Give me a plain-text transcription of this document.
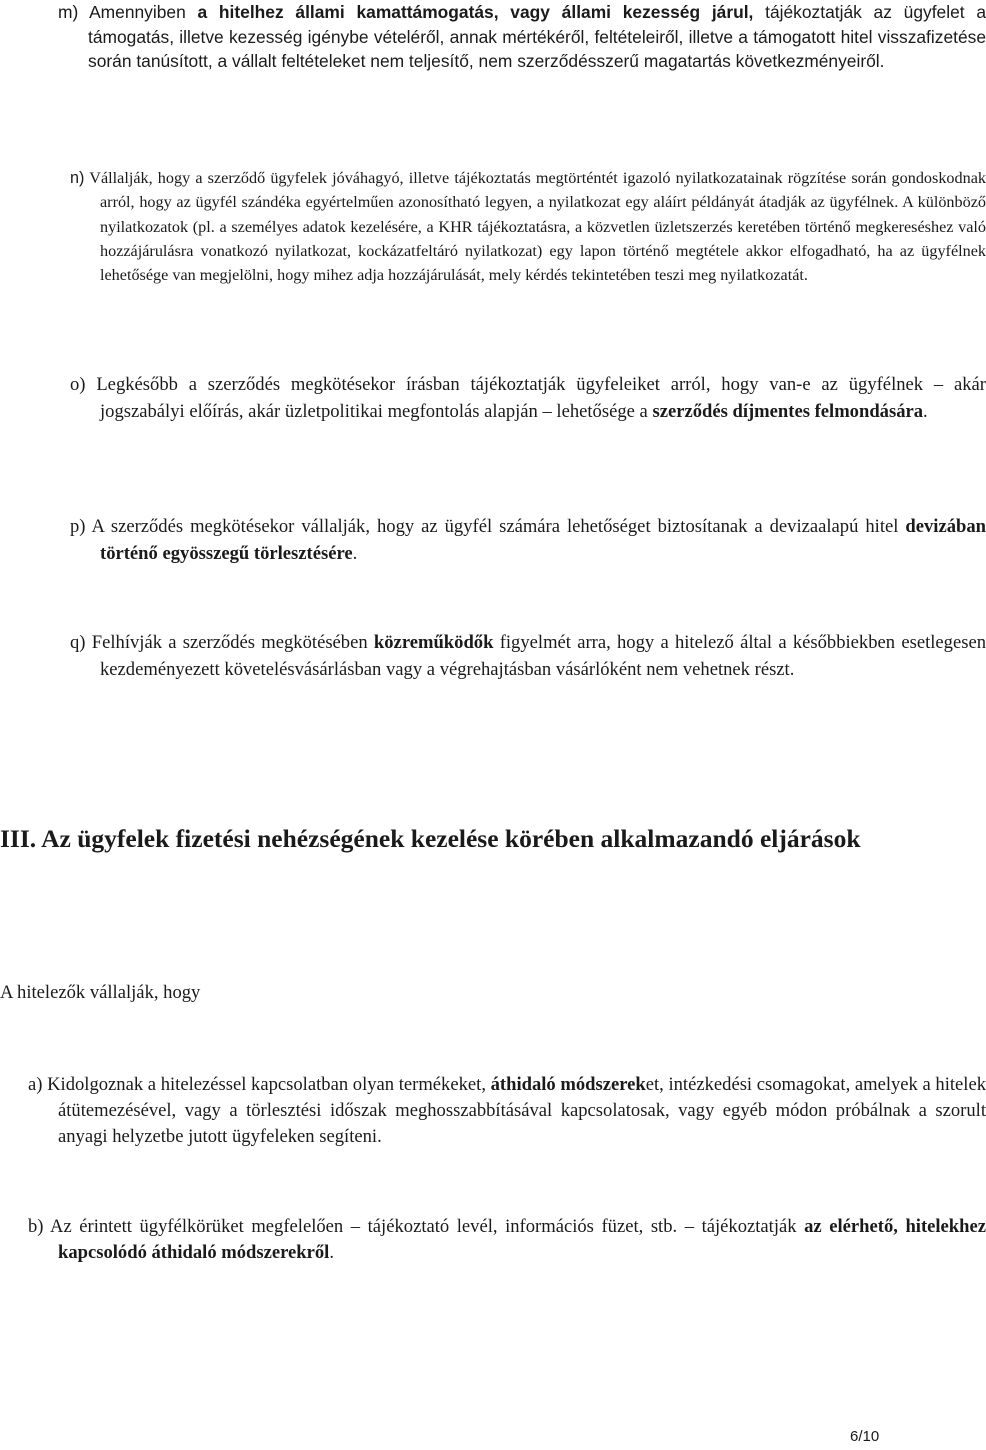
m) Amennyiben a hitelhez állami kamattámogatás, vagy állami kezesség járul, tájékoztatják az ügyfelet a támogatás, illetve kezesség igénybe vételéről, annak mértékéről, feltételeiről, illetve a támogatott hitel visszafizetése során tanúsított, a vállalt feltételeket nem teljesítő, nem szerződésszerű magatartás következményeiről.
n) Vállalják, hogy a szerződő ügyfelek jóváhagyó, illetve tájékoztatás megtörténtét igazoló nyilatkozatainak rögzítése során gondoskodnak arról, hogy az ügyfél szándéka egyértelműen azonosítható legyen, a nyilatkozat egy aláírt példányát átadják az ügyfélnek. A különböző nyilatkozatok (pl. a személyes adatok kezelésére, a KHR tájékoztatásra, a közvetlen üzletszerzés keretében történő megkereséshez való hozzájárulásra vonatkozó nyilatkozat, kockázatfeltáró nyilatkozat) egy lapon történő megtétele akkor elfogadható, ha az ügyfélnek lehetősége van megjelölni, hogy mihez adja hozzájárulását, mely kérdés tekintetében teszi meg nyilatkozatát.
o) Legkésőbb a szerződés megkötésekor írásban tájékoztatják ügyfeleiket arról, hogy van-e az ügyfélnek – akár jogszabályi előírás, akár üzletpolitikai megfontolás alapján – lehetősége a szerződés díjmentes felmondására.
p) A szerződés megkötésekor vállalják, hogy az ügyfél számára lehetőséget biztosítanak a devizaalapú hitel devizában történő egyösszegű törlesztésére.
q) Felhívják a szerződés megkötésében közreműködők figyelmét arra, hogy a hitelező által a későbbiekben esetlegesen kezdeményezett követelésvásárlásban vagy a végrehajtásban vásárlóként nem vehetnek részt.
III. Az ügyfelek fizetési nehézségének kezelése körében alkalmazandó eljárások
A hitelezők vállalják, hogy
a) Kidolgoznak a hitelezéssel kapcsolatban olyan termékeket, áthidaló módszereket, intézkedési csomagokat, amelyek a hitelek átütemezésével, vagy a törlesztési időszak meghosszabbításával kapcsolatosak, vagy egyéb módon próbálnak a szorult anyagi helyzetbe jutott ügyfeleken segíteni.
b) Az érintett ügyfélkörüket megfelelően – tájékoztató levél, információs füzet, stb. – tájékoztatják az elérhető, hitelekhez kapcsolódó áthidaló módszerekről.
6/10
